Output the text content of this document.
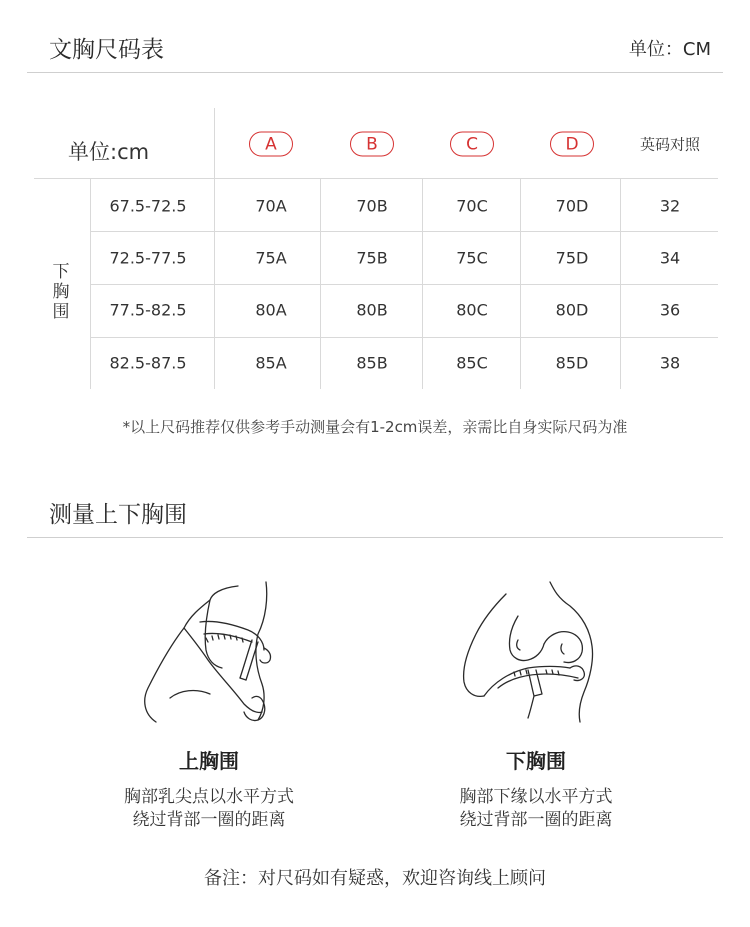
文胸尺码表	单位：CM
单位:cm	A	B	C	D	英码对照
下胸围
67.5-72.5	70A	70B	70C	70D	32
72.5-77.5	75A	75B	75C	75D	34
77.5-82.5	80A	80B	80C	80D	36
82.5-87.5	85A	85B	85C	85D	38
*以上尺码推荐仅供参考手动测量会有1-2cm误差，亲需比自身实际尺码为准
测量上下胸围
上胸围
胸部乳尖点以水平方式
绕过背部一圈的距离
下胸围
胸部下缘以水平方式
绕过背部一圈的距离
备注：对尺码如有疑惑，欢迎咨询线上顾问
